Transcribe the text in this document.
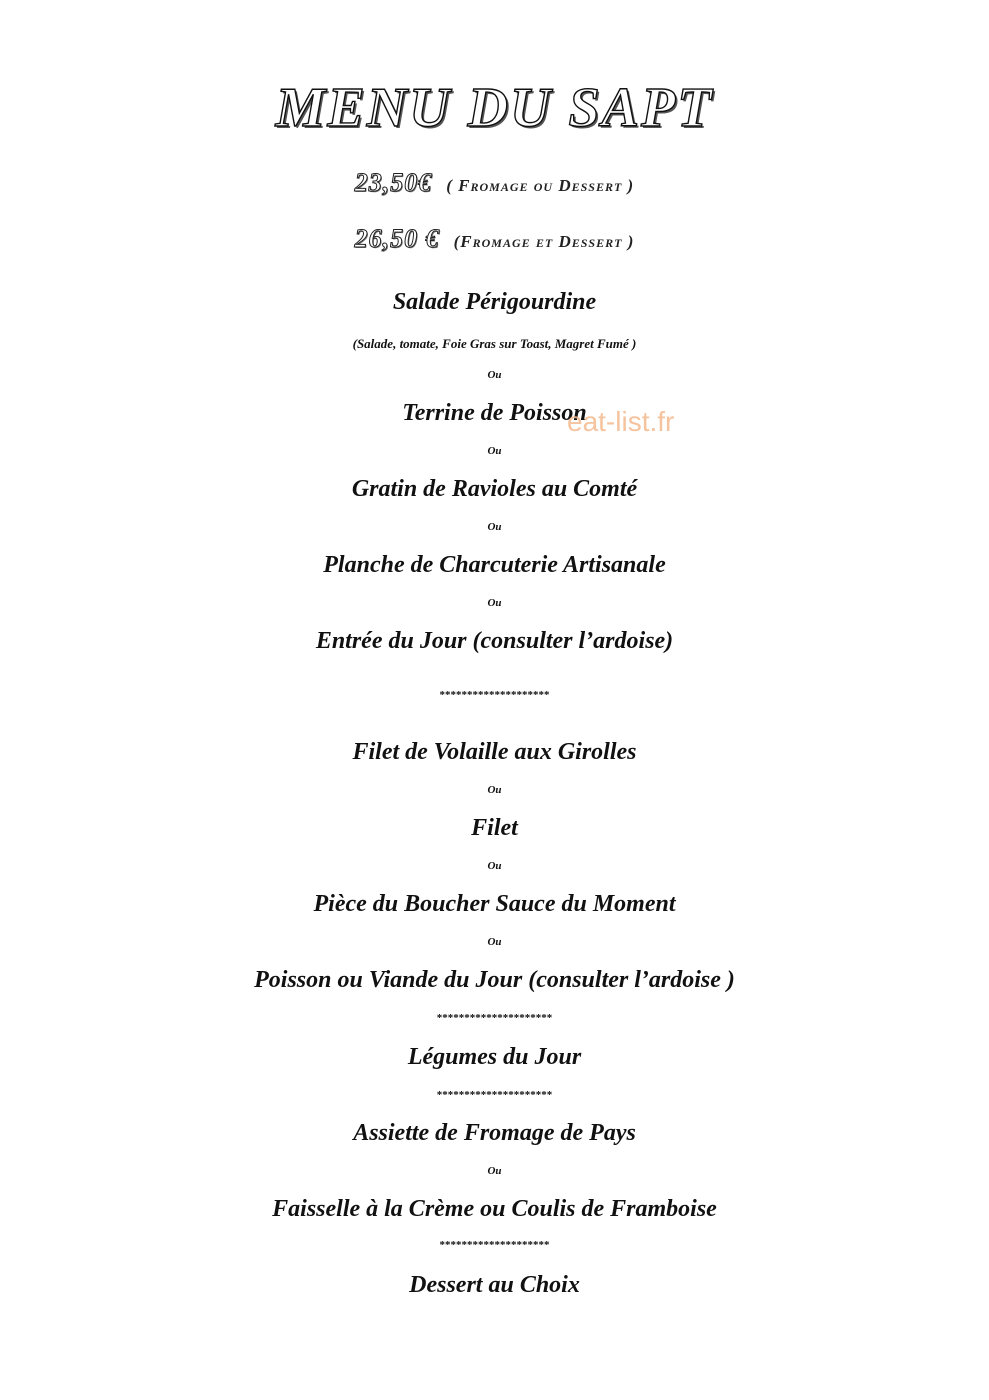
MENU DU SAPT
23,50€ ( Fromage ou Dessert )
26,50 € (Fromage et Dessert )
Salade Périgourdine
(Salade, tomate, Foie Gras sur Toast, Magret Fumé )
Ou
Terrine de Poisson
Ou
Gratin de Ravioles au Comté
Ou
Planche de Charcuterie Artisanale
Ou
Entrée du Jour (consulter l’ardoise)
********************
Filet de Volaille aux Girolles
Ou
Filet
Ou
Pièce du Boucher Sauce du Moment
Ou
Poisson ou Viande du Jour (consulter l’ardoise )
*********************
Légumes du Jour
*********************
Assiette de Fromage de Pays
Ou
Faisselle à la Crème ou Coulis de Framboise
********************
Dessert au Choix
eat-list.fr
